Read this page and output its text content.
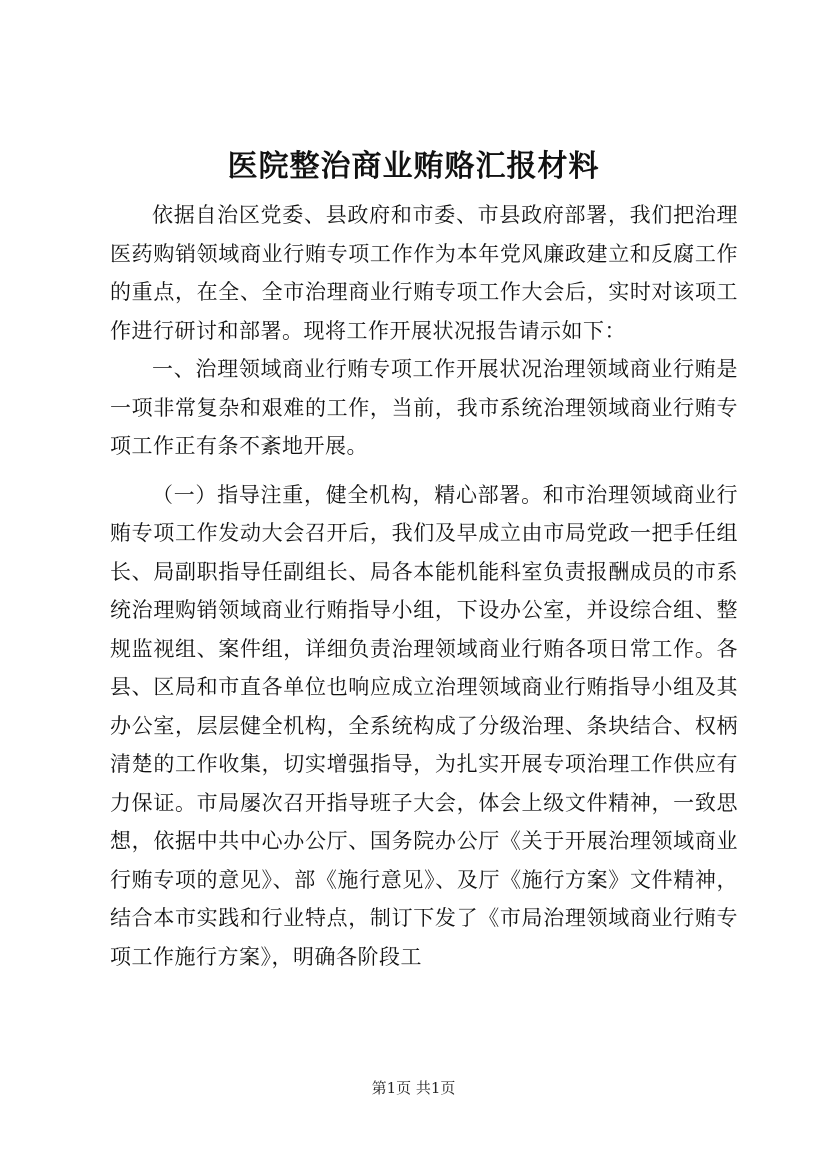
医院整治商业贿赂汇报材料

依据自治区党委、县政府和市委、市县政府部署，我们把治理医药购销领域商业行贿专项工作作为本年党风廉政建立和反腐工作的重点，在全、全市治理商业行贿专项工作大会后，实时对该项工作进行研讨和部署。现将工作开展状况报告请示如下：

一、治理领域商业行贿专项工作开展状况治理领域商业行贿是一项非常复杂和艰难的工作，当前，我市系统治理领域商业行贿专项工作正有条不紊地开展。

（一）指导注重，健全机构，精心部署。和市治理领域商业行贿专项工作发动大会召开后，我们及早成立由市局党政一把手任组长、局副职指导任副组长、局各本能机能科室负责报酬成员的市系统治理购销领域商业行贿指导小组，下设办公室，并设综合组、整规监视组、案件组，详细负责治理领域商业行贿各项日常工作。各县、区局和市直各单位也响应成立治理领域商业行贿指导小组及其办公室，层层健全机构，全系统构成了分级治理、条块结合、权柄清楚的工作收集，切实增强指导，为扎实开展专项治理工作供应有力保证。市局屡次召开指导班子大会，体会上级文件精神，一致思想，依据中共中心办公厅、国务院办公厅《关于开展治理领域商业行贿专项的意见》、部《施行意见》、及厅《施行方案》文件精神，结合本市实践和行业特点，制订下发了《市局治理领域商业行贿专项工作施行方案》，明确各阶段工

第1页 共1页
